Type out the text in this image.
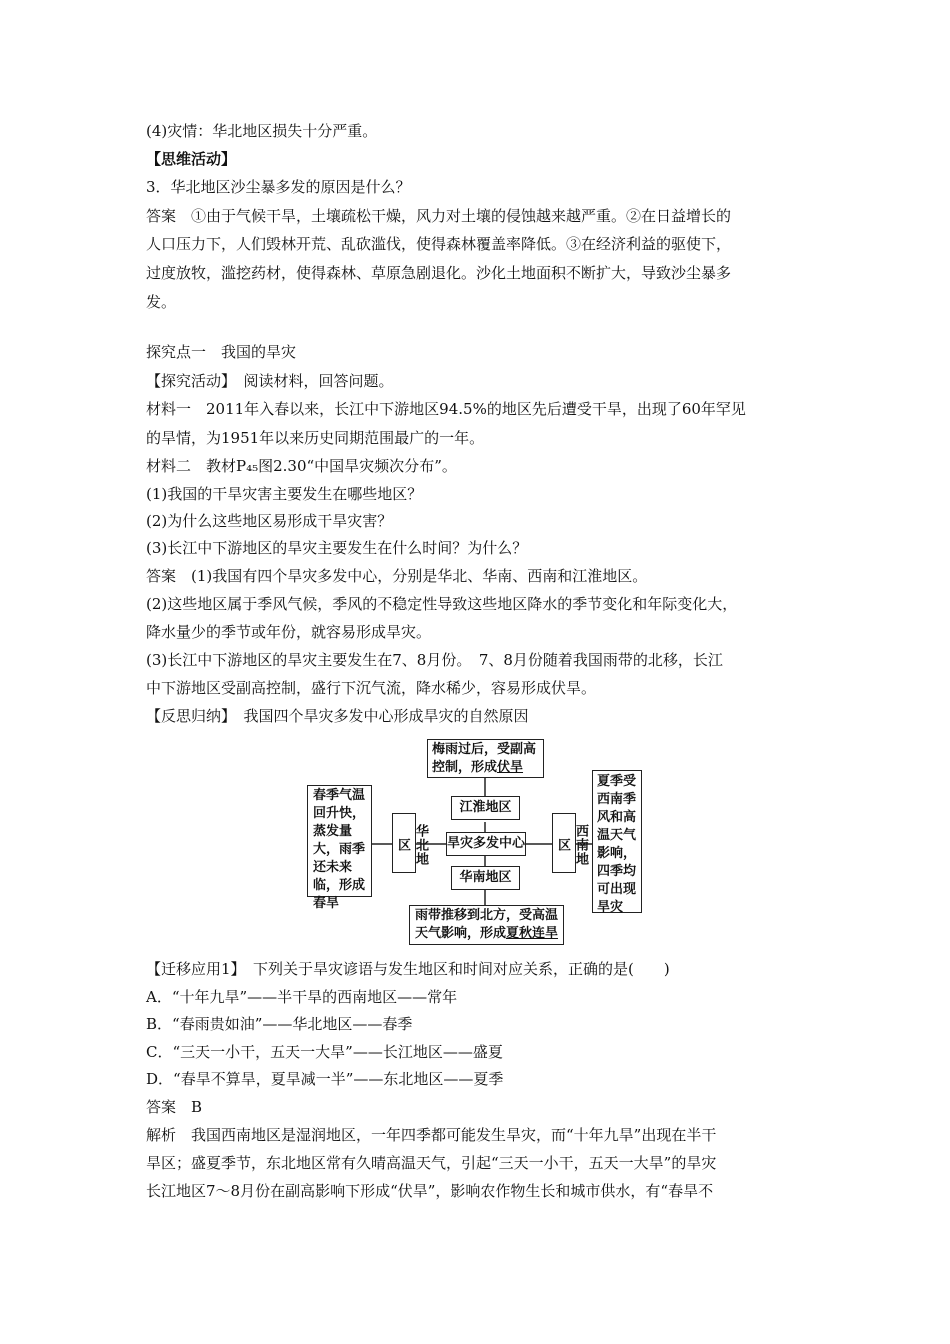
(4)灾情：华北地区损失十分严重。
【思维活动】
3．华北地区沙尘暴多发的原因是什么？
答案　①由于气候干旱，土壤疏松干燥，风力对土壤的侵蚀越来越严重。②在日益增长的
人口压力下，人们毁林开荒、乱砍滥伐，使得森林覆盖率降低。③在经济利益的驱使下，
过度放牧，滥挖药材，使得森林、草原急剧退化。沙化土地面积不断扩大，导致沙尘暴多
发。
探究点一　我国的旱灾
【探究活动】　阅读材料，回答问题。
材料一　2011年入春以来，长江中下游地区94.5%的地区先后遭受干旱，出现了60年罕见
的旱情，为1951年以来历史同期范围最广的一年。
材料二　教材P₄₅图2.30“中国旱灾频次分布”。
(1)我国的干旱灾害主要发生在哪些地区？
(2)为什么这些地区易形成干旱灾害？
(3)长江中下游地区的旱灾主要发生在什么时间？为什么？
答案　(1)我国有四个旱灾多发中心，分别是华北、华南、西南和江淮地区。
(2)这些地区属于季风气候，季风的不稳定性导致这些地区降水的季节变化和年际变化大，
降水量少的季节或年份，就容易形成旱灾。
(3)长江中下游地区的旱灾主要发生在7、8月份。　7、8月份随着我国雨带的北移，长江
中下游地区受副高控制，盛行下沉气流，降水稀少，容易形成伏旱。
【反思归纳】　我国四个旱灾多发中心形成旱灾的自然原因
梅雨过后，受副高
控制，形成伏旱
江淮地区
旱灾多发中心
华南地区
雨带推移到北方，受高温
天气影响，形成夏秋连旱
春季气温回升快，蒸发量大，雨季还未来临，形成春旱
华北地区	西南地区
夏季受西南季风和高温天气影响，四季均可出现旱灾
【迁移应用1】　下列关于旱灾谚语与发生地区和时间对应关系，正确的是(　　)
A．“十年九旱”——半干旱的西南地区——常年
B．“春雨贵如油”——华北地区——春季
C．“三天一小干，五天一大旱”——长江地区——盛夏
D．“春旱不算旱，夏旱减一半”——东北地区——夏季
答案　B
解析　我国西南地区是湿润地区，一年四季都可能发生旱灾，而“十年九旱”出现在半干
旱区；盛夏季节，东北地区常有久晴高温天气，引起“三天一小干，五天一大旱”的旱灾
长江地区7～8月份在副高影响下形成“伏旱”，影响农作物生长和城市供水，有“春旱不
